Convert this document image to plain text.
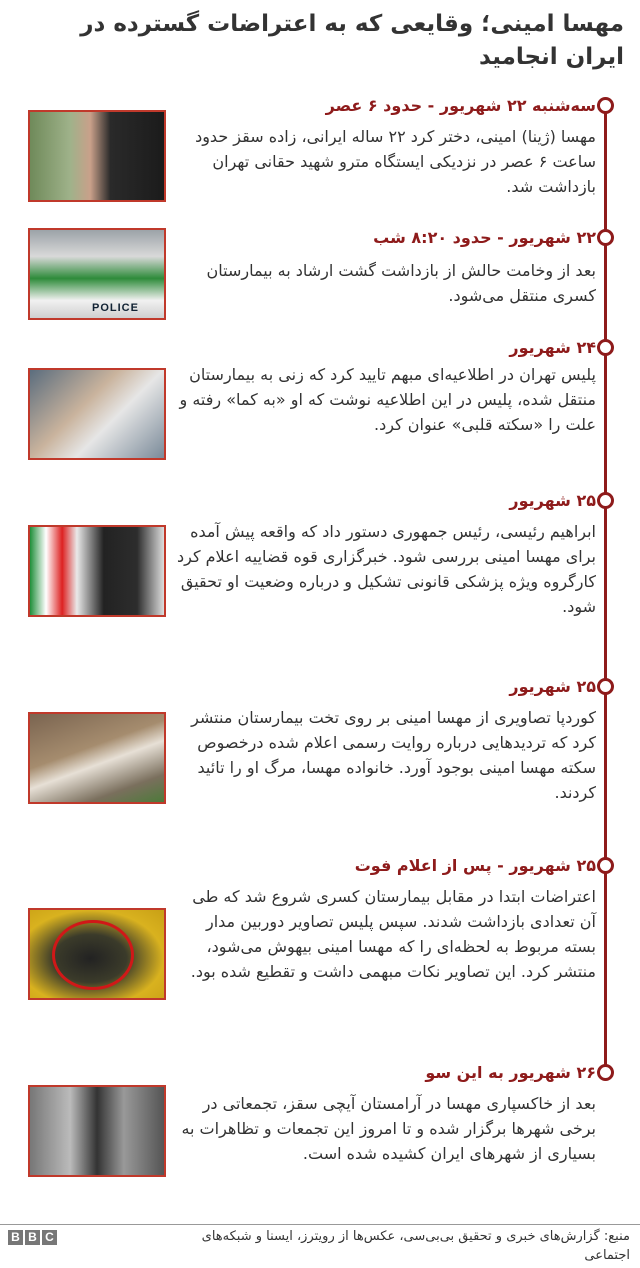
مهسا امینی؛ وقایعی که به اعتراضات گسترده در ایران انجامید
سه‌شنبه ۲۲ شهریور - حدود ۶ عصر
مهسا (ژینا) امینی، دختر کرد ۲۲ ساله ایرانی، زاده سقز حدود ساعت ۶ عصر در نزدیکی ایستگاه مترو شهید حقانی تهران بازداشت شد.
۲۲ شهریور - حدود ۸:۲۰ شب
بعد از وخامت حالش از بازداشت گشت ارشاد به بیمارستان کسری منتقل می‌شود.
POLICE
۲۴ شهریور
پلیس تهران در اطلاعیه‌ای مبهم تایید کرد که زنی به بیمارستان منتقل شده، پلیس در این اطلاعیه نوشت که او «به کما» رفته و علت را «سکته قلبی» عنوان کرد.
۲۵ شهریور
ابراهیم رئیسی، رئیس جمهوری دستور داد که واقعه پیش آمده برای مهسا امینی بررسی شود. خبرگزاری قوه قضاییه اعلام کرد کارگروه ویژه پزشکی قانونی تشکیل و درباره وضعیت او تحقیق شود.
۲۵ شهریور
کوردپا تصاویری از مهسا امینی بر روی تخت بیمارستان منتشر کرد که تردیدهایی درباره روایت رسمی اعلام شده درخصوص سکته مهسا امینی بوجود آورد. خانواده مهسا، مرگ او را تائید کردند.
۲۵ شهریور - پس از اعلام فوت
اعتراضات ابتدا در مقابل بیمارستان کسری شروع شد که طی آن تعدادی بازداشت شدند. سپس پلیس تصاویر دوربین مدار بسته مربوط به لحظه‌ای را که مهسا امینی بیهوش می‌شود، منتشر کرد. این تصاویر نکات مبهمی داشت و تقطیع شده بود.
۲۶ شهریور به این سو
بعد از خاکسپاری مهسا در آرامستان آیچی سقز، تجمعاتی در برخی شهرها برگزار شده و تا امروز این تجمعات و تظاهرات به بسیاری از شهرهای ایران کشیده شده است.
B B C	منبع: گزارش‌های خبری و تحقیق بی‌بی‌سی، عکس‌ها از رویترز، ایسنا و شبکه‌های اجتماعی
